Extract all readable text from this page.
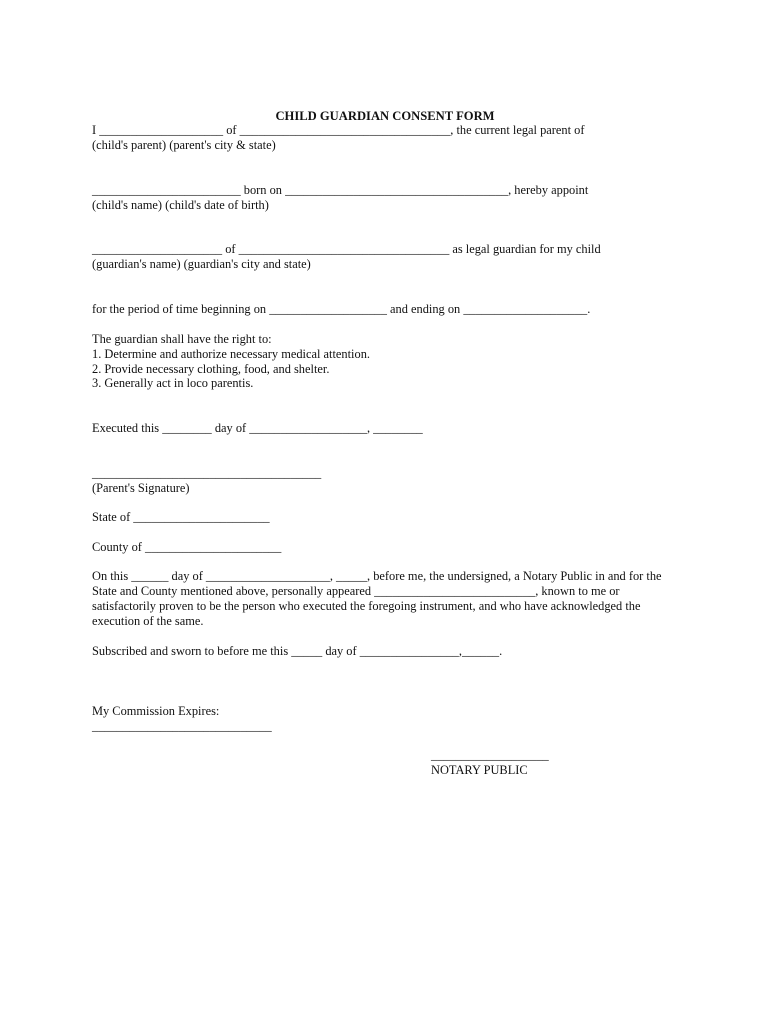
CHILD GUARDIAN CONSENT FORM
I ____________________ of __________________________________, the current legal parent of
(child's parent) (parent's city & state)
________________________ born on ____________________________________, hereby appoint
(child's name) (child's date of birth)
_____________________ of __________________________________ as legal guardian for my child
(guardian's name) (guardian's city and state)
for the period of time beginning on ___________________ and ending on ____________________.
The guardian shall have the right to:
1. Determine and authorize necessary medical attention.
2. Provide necessary clothing, food, and shelter.
3. Generally act in loco parentis.
Executed this ________ day of ___________________, ________
_____________________________________
(Parent's Signature)
State of ______________________
County of ______________________
On this ______ day of ____________________, _____, before me, the undersigned, a Notary Public in and for the
State and County mentioned above, personally appeared __________________________, known to me or
satisfactorily proven to be the person who executed the foregoing instrument, and who have acknowledged the
execution of the same.
Subscribed and sworn to before me this _____ day of ________________,______.
My Commission Expires:
_____________________________
___________________
NOTARY PUBLIC
